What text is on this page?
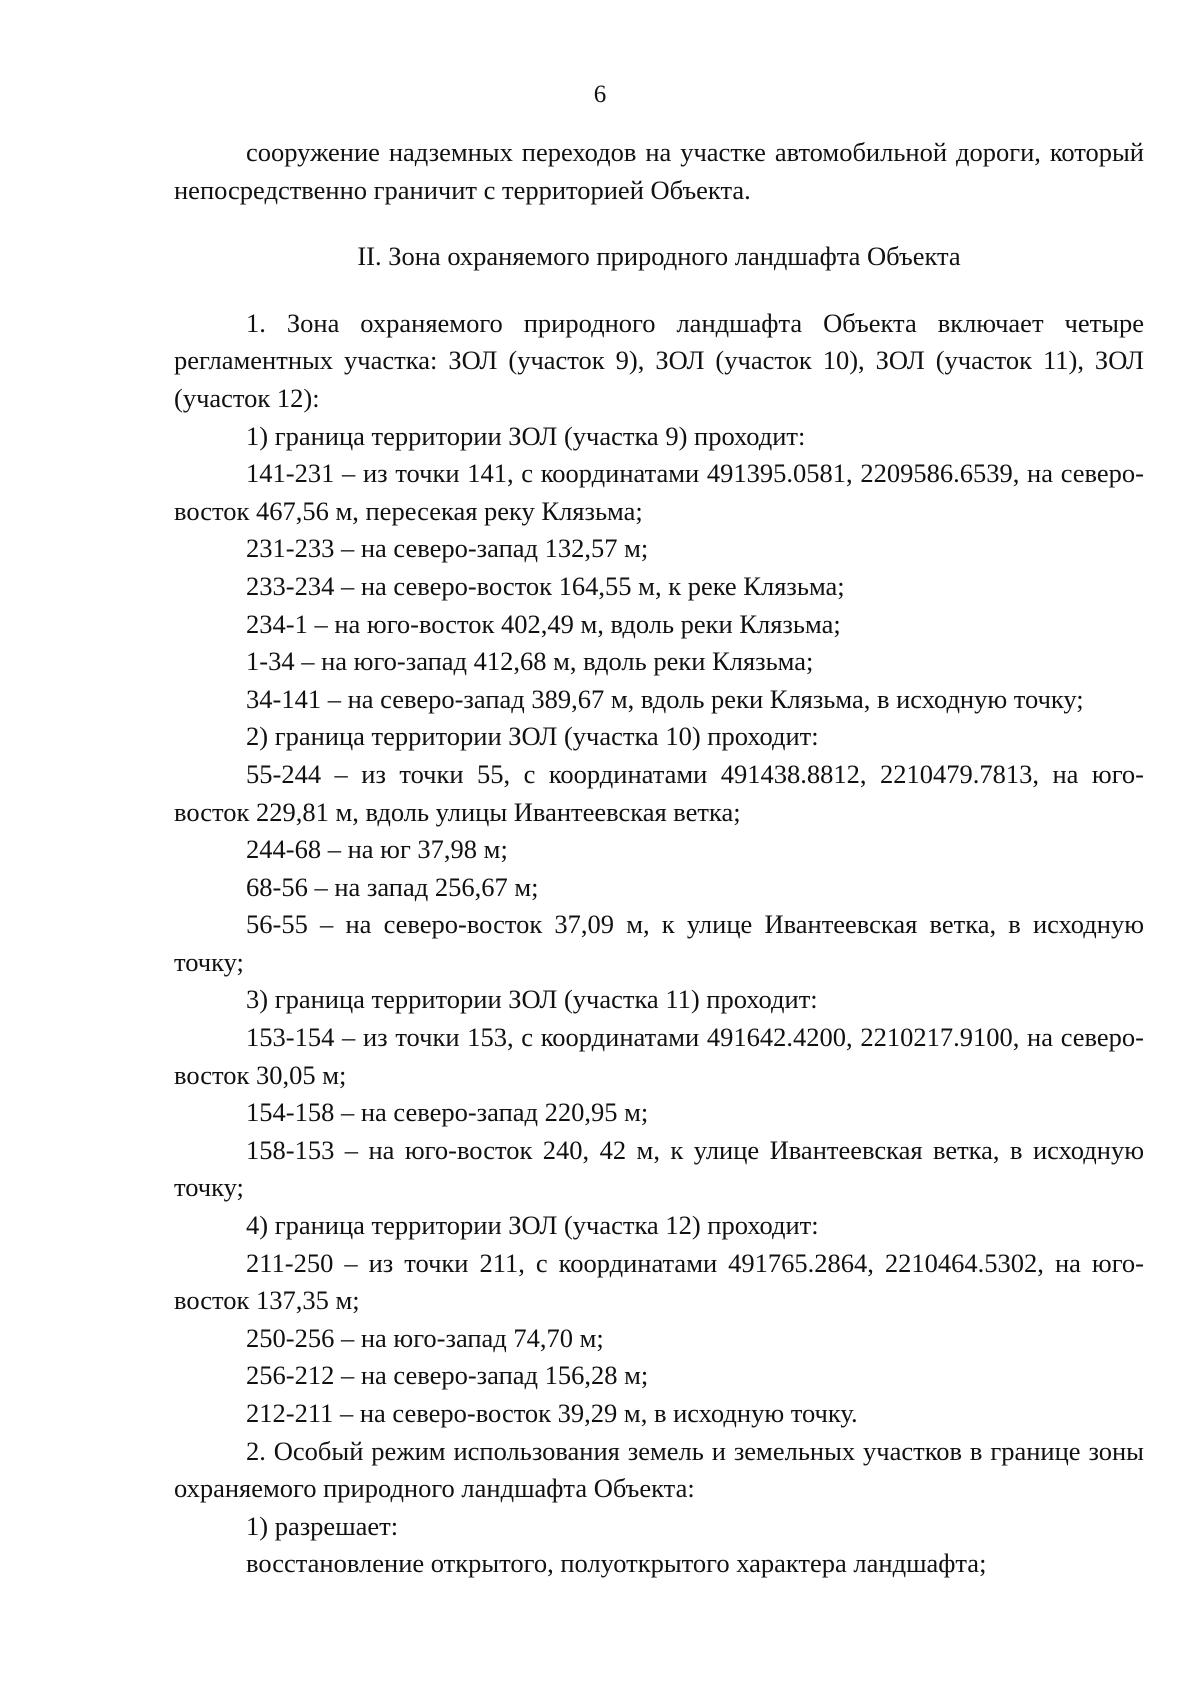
6

сооружение надземных переходов на участке автомобильной дороги, который непосредственно граничит с территорией Объекта.

II. Зона охраняемого природного ландшафта Объекта

1. Зона охраняемого природного ландшафта Объекта включает четыре регламентных участка: ЗОЛ (участок 9), ЗОЛ (участок 10), ЗОЛ (участок 11), ЗОЛ (участок 12):

1) граница территории ЗОЛ (участка 9) проходит:

141-231 – из точки 141, с координатами 491395.0581, 2209586.6539, на северо-восток 467,56 м, пересекая реку Клязьма;

231-233 – на северо-запад 132,57 м;

233-234 – на северо-восток 164,55 м, к реке Клязьма;

234-1 – на юго-восток 402,49 м, вдоль реки Клязьма;

1-34 – на юго-запад 412,68 м, вдоль реки Клязьма;

34-141 – на северо-запад 389,67 м, вдоль реки Клязьма, в исходную точку;

2) граница территории ЗОЛ (участка 10) проходит:

55-244 – из точки 55, с координатами 491438.8812, 2210479.7813, на юго-восток 229,81 м, вдоль улицы Ивантеевская ветка;

244-68 – на юг 37,98 м;

68-56 – на запад 256,67 м;

56-55 – на северо-восток 37,09 м, к улице Ивантеевская ветка, в исходную точку;

3) граница территории ЗОЛ (участка 11) проходит:

153-154 – из точки 153, с координатами 491642.4200, 2210217.9100, на северо-восток 30,05 м;

154-158 – на северо-запад 220,95 м;

158-153 – на юго-восток 240, 42 м, к улице Ивантеевская ветка, в исходную точку;

4) граница территории ЗОЛ (участка 12) проходит:

211-250 – из точки 211, с координатами 491765.2864, 2210464.5302, на юго-восток 137,35 м;

250-256 – на юго-запад 74,70 м;

256-212 – на северо-запад 156,28 м;

212-211 – на северо-восток 39,29 м, в исходную точку.

2. Особый режим использования земель и земельных участков в границе зоны охраняемого природного ландшафта Объекта:

1) разрешает:

восстановление открытого, полуоткрытого характера ландшафта;
